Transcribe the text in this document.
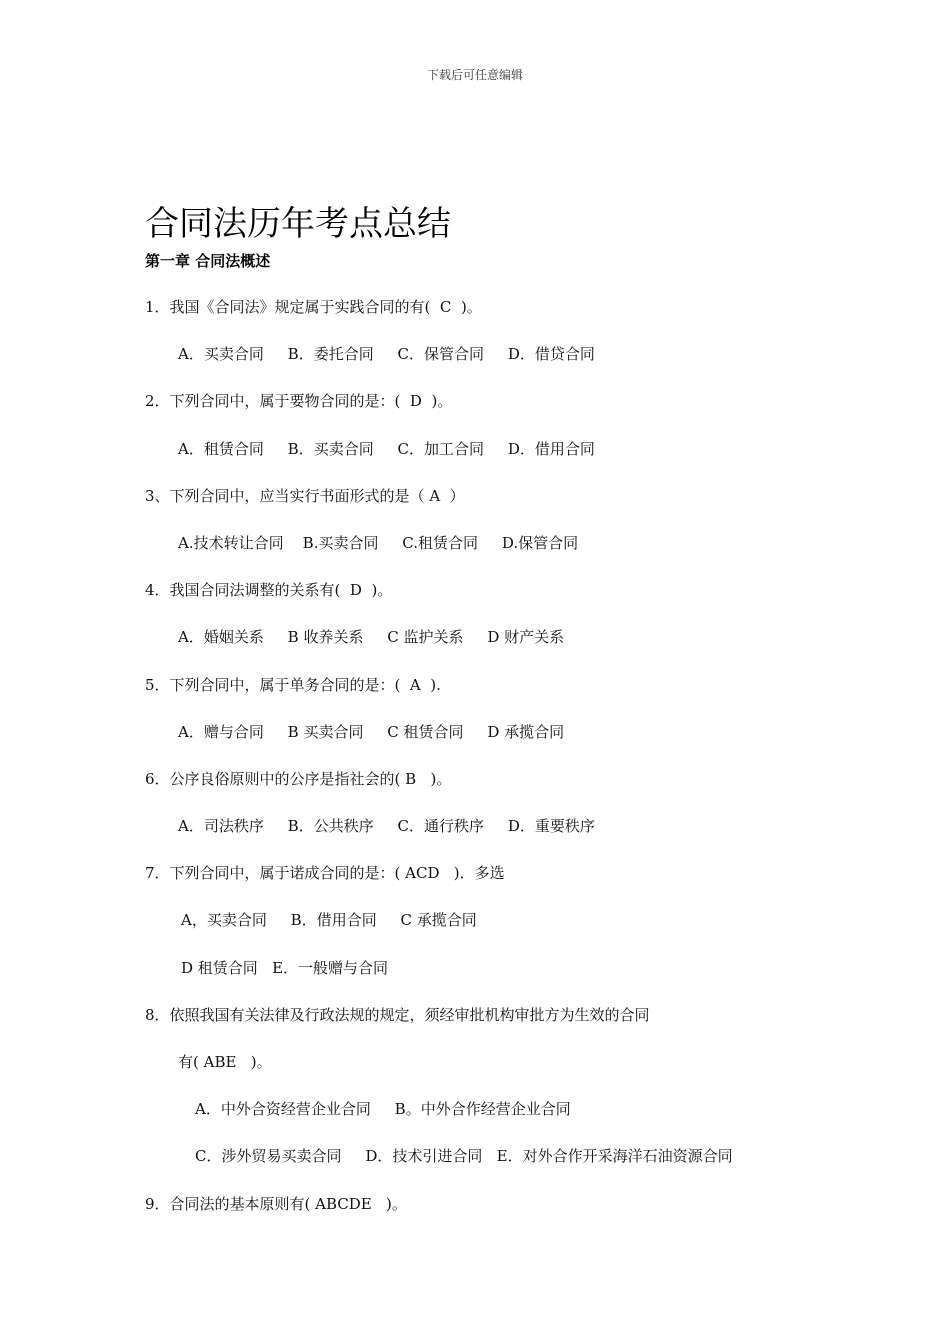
下载后可任意编辑
合同法历年考点总结
第一章 合同法概述
1．我国《合同法》规定属于实践合同的有(  C  )。
A．买卖合同     B．委托合同     C．保管合同     D．借贷合同
2．下列合同中，属于要物合同的是：(  D  )。
A．租赁合同     B．买卖合同     C．加工合同     D．借用合同
3、下列合同中，应当实行书面形式的是（ A  ）
A.技术转让合同    B.买卖合同     C.租赁合同     D.保管合同
4．我国合同法调整的关系有(  D  )。
A．婚姻关系     B 收养关系     C 监护关系     D 财产关系
5．下列合同中，属于单务合同的是：(  A  ).
A．赠与合同     B 买卖合同     C 租赁合同     D 承揽合同
6．公序良俗原则中的公序是指社会的( B   )。
A．司法秩序     B．公共秩序     C．通行秩序     D．重要秩序
7．下列合同中，属于诺成合同的是：( ACD   )．多选
A，买卖合同     B．借用合同     C 承揽合同
D 租赁合同   E．一般赠与合同
8．依照我国有关法律及行政法规的规定，须经审批机构审批方为生效的合同
有( ABE   )。
A．中外合资经营企业合同     B。中外合作经营企业合同
C．涉外贸易买卖合同     D．技术引进合同   E．对外合作开采海洋石油资源合同
9．合同法的基本原则有( ABCDE   )。
